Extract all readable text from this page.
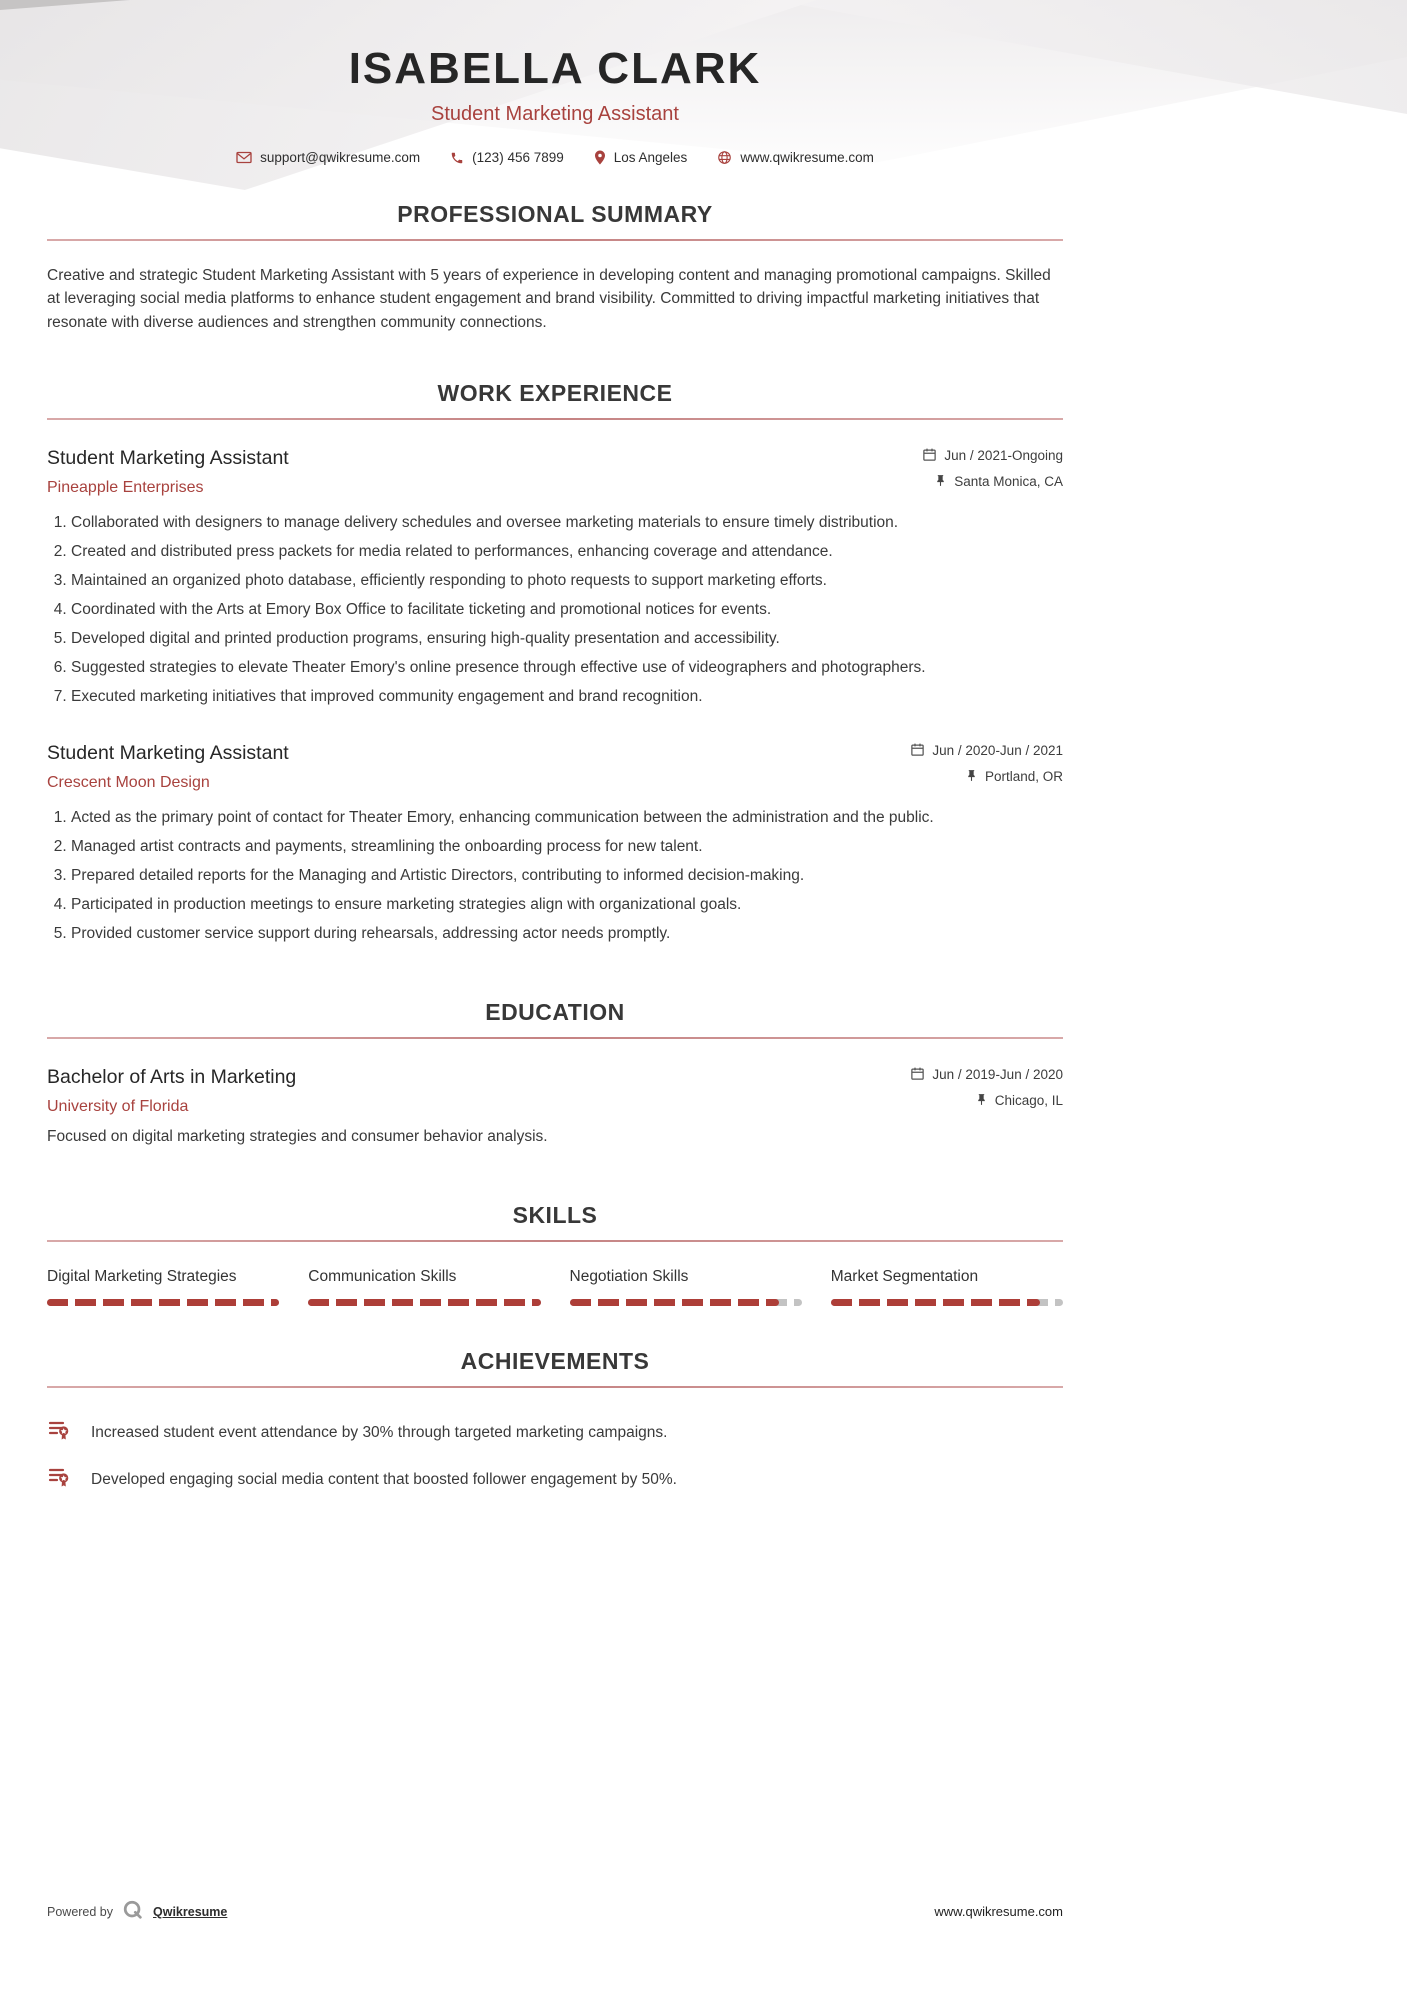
ISABELLA CLARK
Student Marketing Assistant
support@qwikresume.com	(123) 456 7899	Los Angeles	www.qwikresume.com
PROFESSIONAL SUMMARY

Creative and strategic Student Marketing Assistant with 5 years of experience in developing content and managing promotional campaigns. Skilled at leveraging social media platforms to enhance student engagement and brand visibility. Committed to driving impactful marketing initiatives that resonate with diverse audiences and strengthen community connections.

WORK EXPERIENCE
Student Marketing Assistant
Pineapple Enterprises
Jun / 2021-Ongoing
Santa Monica, CA
1. Collaborated with designers to manage delivery schedules and oversee marketing materials to ensure timely distribution.
2. Created and distributed press packets for media related to performances, enhancing coverage and attendance.
3. Maintained an organized photo database, efficiently responding to photo requests to support marketing efforts.
4. Coordinated with the Arts at Emory Box Office to facilitate ticketing and promotional notices for events.
5. Developed digital and printed production programs, ensuring high-quality presentation and accessibility.
6. Suggested strategies to elevate Theater Emory's online presence through effective use of videographers and photographers.
7. Executed marketing initiatives that improved community engagement and brand recognition.
Student Marketing Assistant
Crescent Moon Design
Jun / 2020-Jun / 2021
Portland, OR
1. Acted as the primary point of contact for Theater Emory, enhancing communication between the administration and the public.
2. Managed artist contracts and payments, streamlining the onboarding process for new talent.
3. Prepared detailed reports for the Managing and Artistic Directors, contributing to informed decision-making.
4. Participated in production meetings to ensure marketing strategies align with organizational goals.
5. Provided customer service support during rehearsals, addressing actor needs promptly.
EDUCATION
Bachelor of Arts in Marketing
University of Florida
Jun / 2019-Jun / 2020
Chicago, IL

Focused on digital marketing strategies and consumer behavior analysis.

SKILLS
Digital Marketing Strategies	Communication Skills	Negotiation Skills	Market Segmentation
ACHIEVEMENTS
Increased student event attendance by 30% through targeted marketing campaigns.
Developed engaging social media content that boosted follower engagement by 50%.
Powered by	Qwikresume	www.qwikresume.com
